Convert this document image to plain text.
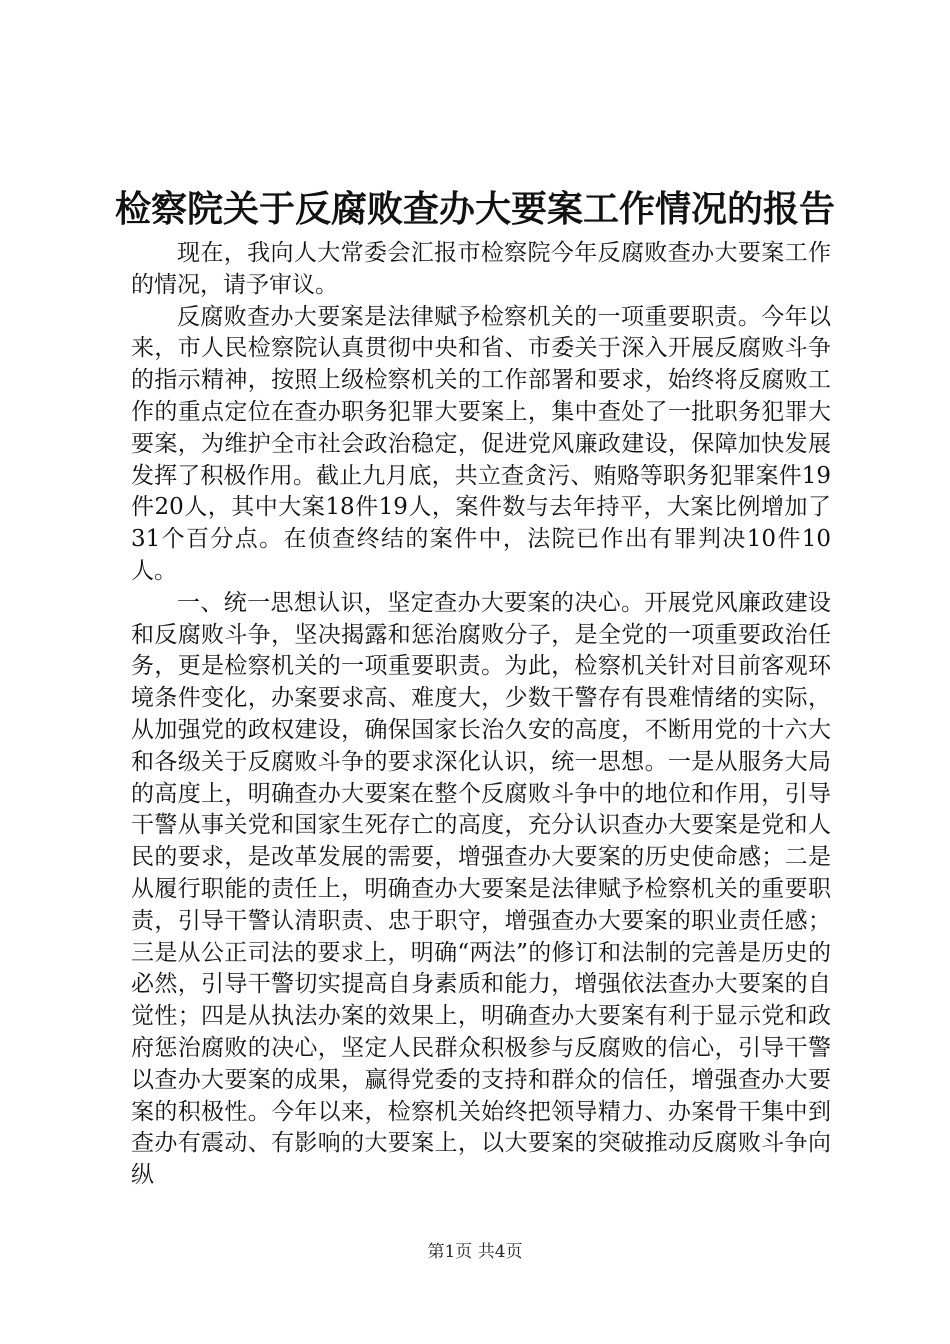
检察院关于反腐败查办大要案工作情况的报告

现在，我向人大常委会汇报市检察院今年反腐败查办大要案工作的情况，请予审议。

反腐败查办大要案是法律赋予检察机关的一项重要职责。今年以来，市人民检察院认真贯彻中央和省、市委关于深入开展反腐败斗争的指示精神，按照上级检察机关的工作部署和要求，始终将反腐败工作的重点定位在查办职务犯罪大要案上，集中查处了一批职务犯罪大要案，为维护全市社会政治稳定，促进党风廉政建设，保障加快发展发挥了积极作用。截止九月底，共立查贪污、贿赂等职务犯罪案件19件20人，其中大案18件19人，案件数与去年持平，大案比例增加了31个百分点。在侦查终结的案件中，法院已作出有罪判决10件10人。

一、统一思想认识，坚定查办大要案的决心。开展党风廉政建设和反腐败斗争，坚决揭露和惩治腐败分子，是全党的一项重要政治任务，更是检察机关的一项重要职责。为此，检察机关针对目前客观环境条件变化，办案要求高、难度大，少数干警存有畏难情绪的实际，从加强党的政权建设，确保国家长治久安的高度，不断用党的十六大和各级关于反腐败斗争的要求深化认识，统一思想。一是从服务大局的高度上，明确查办大要案在整个反腐败斗争中的地位和作用，引导干警从事关党和国家生死存亡的高度，充分认识查办大要案是党和人民的要求，是改革发展的需要，增强查办大要案的历史使命感；二是从履行职能的责任上，明确查办大要案是法律赋予检察机关的重要职责，引导干警认清职责、忠于职守，增强查办大要案的职业责任感；三是从公正司法的要求上，明确“两法”的修订和法制的完善是历史的必然，引导干警切实提高自身素质和能力，增强依法查办大要案的自觉性；四是从执法办案的效果上，明确查办大要案有利于显示党和政府惩治腐败的决心，坚定人民群众积极参与反腐败的信心，引导干警以查办大要案的成果，赢得党委的支持和群众的信任，增强查办大要案的积极性。今年以来，检察机关始终把领导精力、办案骨干集中到查办有震动、有影响的大要案上，以大要案的突破推动反腐败斗争向纵

第1页 共4页
